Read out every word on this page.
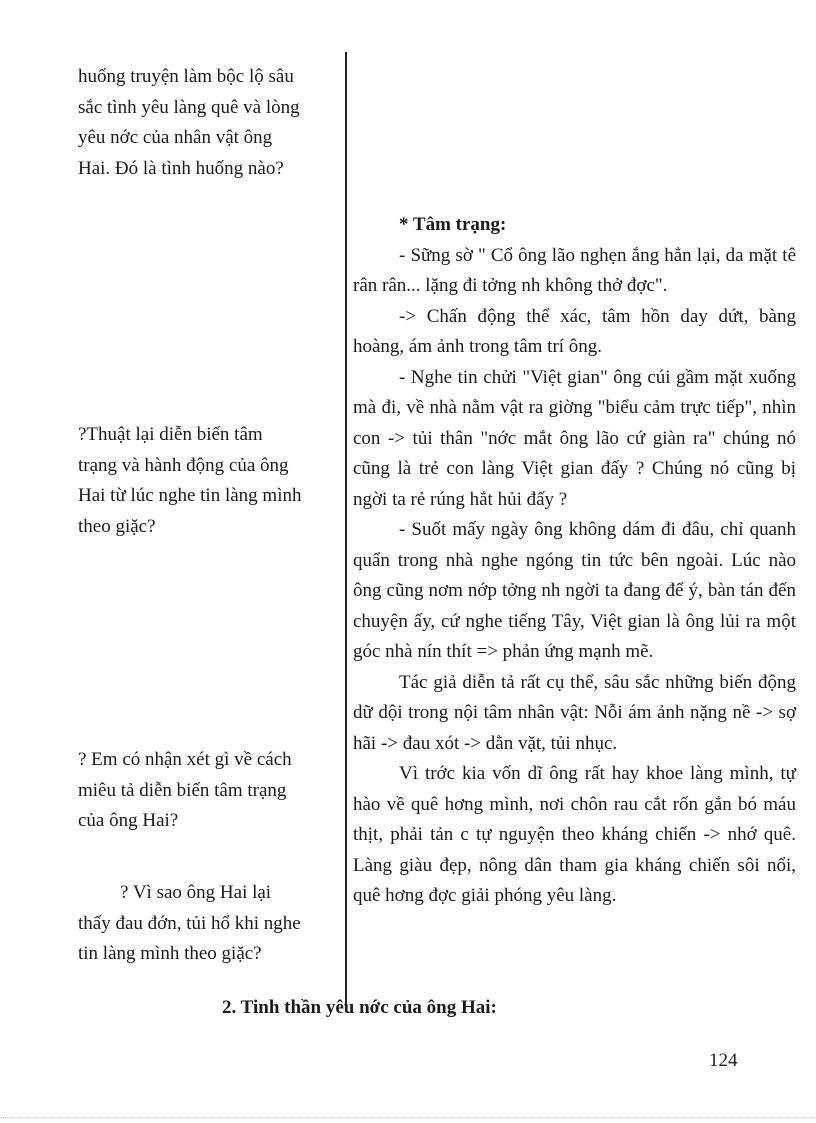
huống truyện làm bộc lộ sâu

sắc tình yêu làng quê và lòng

yêu nớc của nhân vật ông

Hai. Đó là tình huống nào?

?Thuật lại diễn biến tâm

trạng và hành động của ông

Hai từ lúc nghe tin làng mình

theo giặc?

? Em có nhận xét gì về cách

miêu tả diễn biến tâm trạng

của ông Hai?

? Vì sao ông Hai lại

thấy đau đớn, tủi hổ khi nghe

tin làng mình theo giặc?

* Tâm trạng:

- Sững sờ " Cổ ông lão nghẹn ắng hẳn lại, da mặt tê rân rân... lặng đi tởng nh không thở đợc".

-> Chấn động thể xác, tâm hồn day dứt, bàng hoàng, ám ảnh trong tâm trí ông.

- Nghe tin chửi "Việt gian" ông cúi gầm mặt xuống mà đi, về nhà nằm vật ra giờng "biểu cảm trực tiếp", nhìn con -> tủi thân "nớc mắt ông lão cứ giàn ra" chúng nó cũng là trẻ con làng Việt gian đấy ? Chúng nó cũng bị ngời ta rẻ rúng hắt hủi đấy ?

- Suốt mấy ngày ông không dám đi đâu, chỉ quanh quẩn trong nhà nghe ngóng tin tức bên ngoài. Lúc nào ông cũng nơm nớp tởng nh ngời ta đang để ý, bàn tán đến chuyện ấy, cứ nghe tiếng Tây, Việt gian là ông lủi ra một góc nhà nín thít => phản ứng mạnh mẽ.

Tác giả diễn tả rất cụ thể, sâu sắc những biến động dữ dội trong nội tâm nhân vật: Nỗi ám ảnh nặng nề -> sợ hãi -> đau xót -> dằn vặt, tủi nhục.

Vì trớc kia vốn dĩ ông rất hay khoe làng mình, tự hào về quê hơng mình, nơi chôn rau cắt rốn gắn bó máu thịt, phải tản c tự nguyện theo kháng chiến -> nhớ quê. Làng giàu đẹp, nông dân tham gia kháng chiến sôi nổi, quê hơng đợc giải phóng yêu làng.

2. Tinh thần yêu nớc của ông Hai:
124
